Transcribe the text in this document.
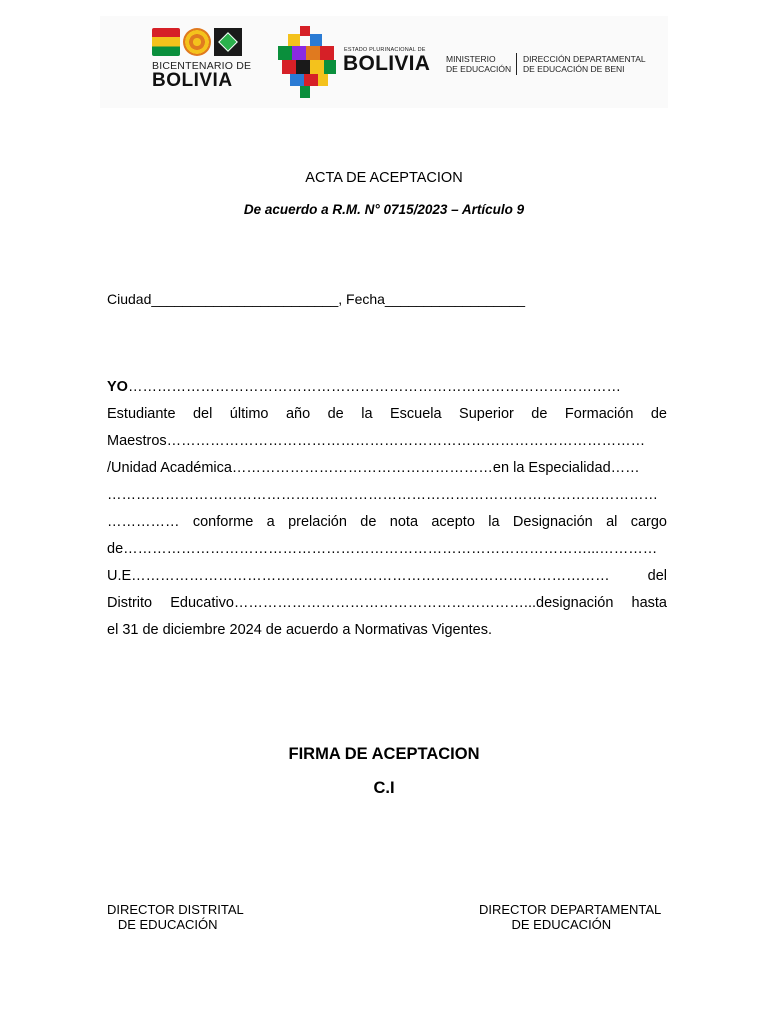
BICENTENARIO DE
BOLIVIA
ESTADO PLURINACIONAL DE
BOLIVIA MINISTERIO
DE EDUCACIÓN
DIRECCIÓN DEPARTAMENTAL
DE EDUCACIÓN DE BENI
ACTA DE ACEPTACION
De acuerdo a R.M. N° 0715/2023 – Artículo 9
Ciudad________________________, Fecha__________________
YO…………………………………………………………………………………………
Estudiante del último año de la Escuela Superior de Formación de
Maestros………………………………………………………………………………………
/Unidad Académica………………………………………………en la Especialidad……
……………………………………………………………………………………………………
…………… conforme a prelación de nota acepto la Designación al cargo
de……………………………………………………………………………………...…………
U.E……………………………………………………………………………………… del
Distrito Educativo……………………………………………………...designación hasta
el 31 de diciembre 2024 de acuerdo a Normativas Vigentes.
FIRMA DE ACEPTACION
C.I
DIRECTOR DISTRITAL
DE EDUCACIÓN
DIRECTOR DEPARTAMENTAL
DE EDUCACIÓN
